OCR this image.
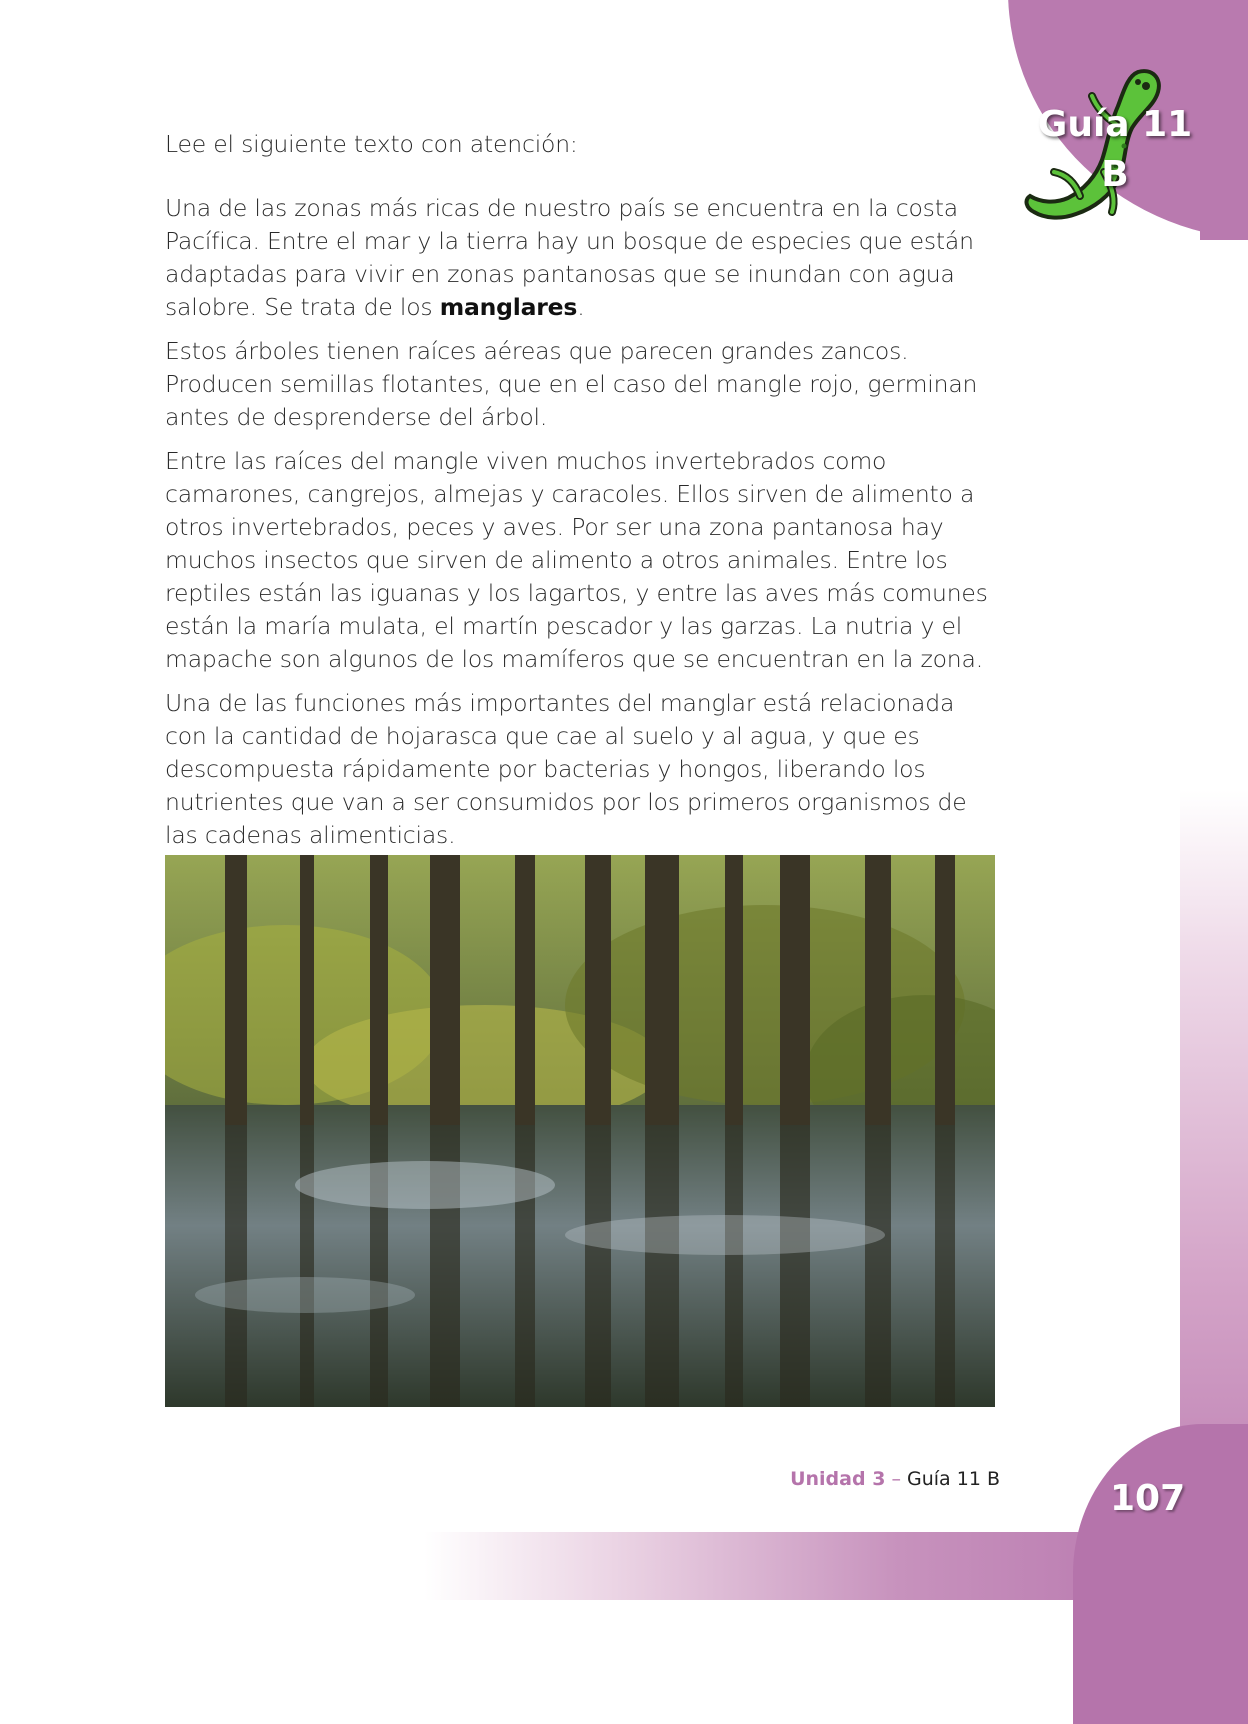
Guía 11
B

Lee el siguiente texto con atención:

Una de las zonas más ricas de nuestro país se encuentra en la costa Pacífica. Entre el mar y la tierra hay un bosque de especies que están adaptadas para vivir en zonas pantanosas que se inundan con agua salobre. Se trata de los manglares.

Estos árboles tienen raíces aéreas que parecen grandes zancos. Producen semillas flotantes, que en el caso del mangle rojo, germinan antes de desprenderse del árbol.

Entre las raíces del mangle viven muchos invertebrados como camarones, cangrejos, almejas y caracoles. Ellos sirven de alimento a otros invertebrados, peces y aves. Por ser una zona pantanosa hay muchos insectos que sirven de alimento a otros animales. Entre los reptiles están las iguanas y los lagartos, y entre las aves más comunes están la maría mulata, el martín pescador y las garzas. La nutria y el mapache son algunos de los mamíferos que se encuentran en la zona.

Una de las funciones más importantes del manglar está relacionada con la cantidad de hojarasca que cae al suelo y al agua, y que es descompuesta rápidamente por bacterias y hongos, liberando los nutrientes que van a ser consumidos por los primeros organismos de las cadenas alimenticias.

Unidad 3 – Guía 11 B	107
